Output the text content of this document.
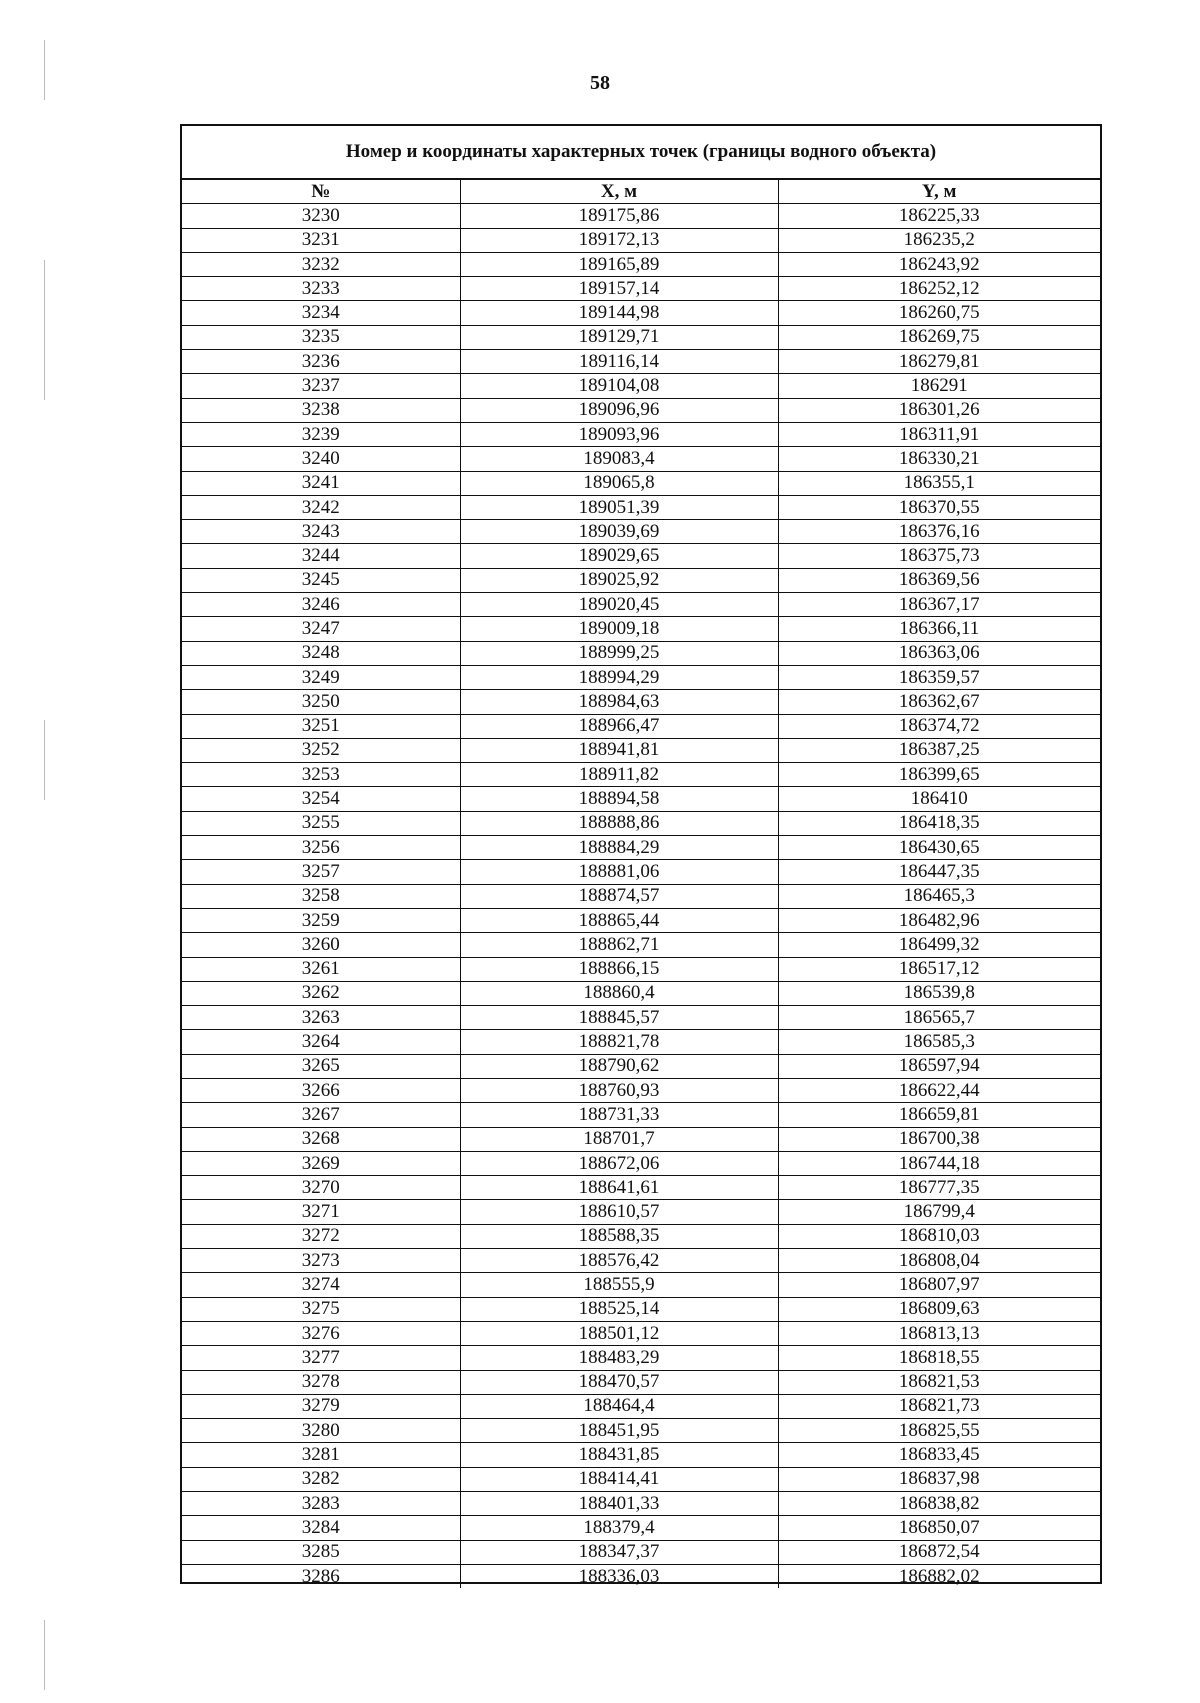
58
Номер и координаты характерных точек (границы водного объекта)
№	X, м	Y, м
3230	189175,86	186225,33
3231	189172,13	186235,2
3232	189165,89	186243,92
3233	189157,14	186252,12
3234	189144,98	186260,75
3235	189129,71	186269,75
3236	189116,14	186279,81
3237	189104,08	186291
3238	189096,96	186301,26
3239	189093,96	186311,91
3240	189083,4	186330,21
3241	189065,8	186355,1
3242	189051,39	186370,55
3243	189039,69	186376,16
3244	189029,65	186375,73
3245	189025,92	186369,56
3246	189020,45	186367,17
3247	189009,18	186366,11
3248	188999,25	186363,06
3249	188994,29	186359,57
3250	188984,63	186362,67
3251	188966,47	186374,72
3252	188941,81	186387,25
3253	188911,82	186399,65
3254	188894,58	186410
3255	188888,86	186418,35
3256	188884,29	186430,65
3257	188881,06	186447,35
3258	188874,57	186465,3
3259	188865,44	186482,96
3260	188862,71	186499,32
3261	188866,15	186517,12
3262	188860,4	186539,8
3263	188845,57	186565,7
3264	188821,78	186585,3
3265	188790,62	186597,94
3266	188760,93	186622,44
3267	188731,33	186659,81
3268	188701,7	186700,38
3269	188672,06	186744,18
3270	188641,61	186777,35
3271	188610,57	186799,4
3272	188588,35	186810,03
3273	188576,42	186808,04
3274	188555,9	186807,97
3275	188525,14	186809,63
3276	188501,12	186813,13
3277	188483,29	186818,55
3278	188470,57	186821,53
3279	188464,4	186821,73
3280	188451,95	186825,55
3281	188431,85	186833,45
3282	188414,41	186837,98
3283	188401,33	186838,82
3284	188379,4	186850,07
3285	188347,37	186872,54
3286	188336,03	186882,02
